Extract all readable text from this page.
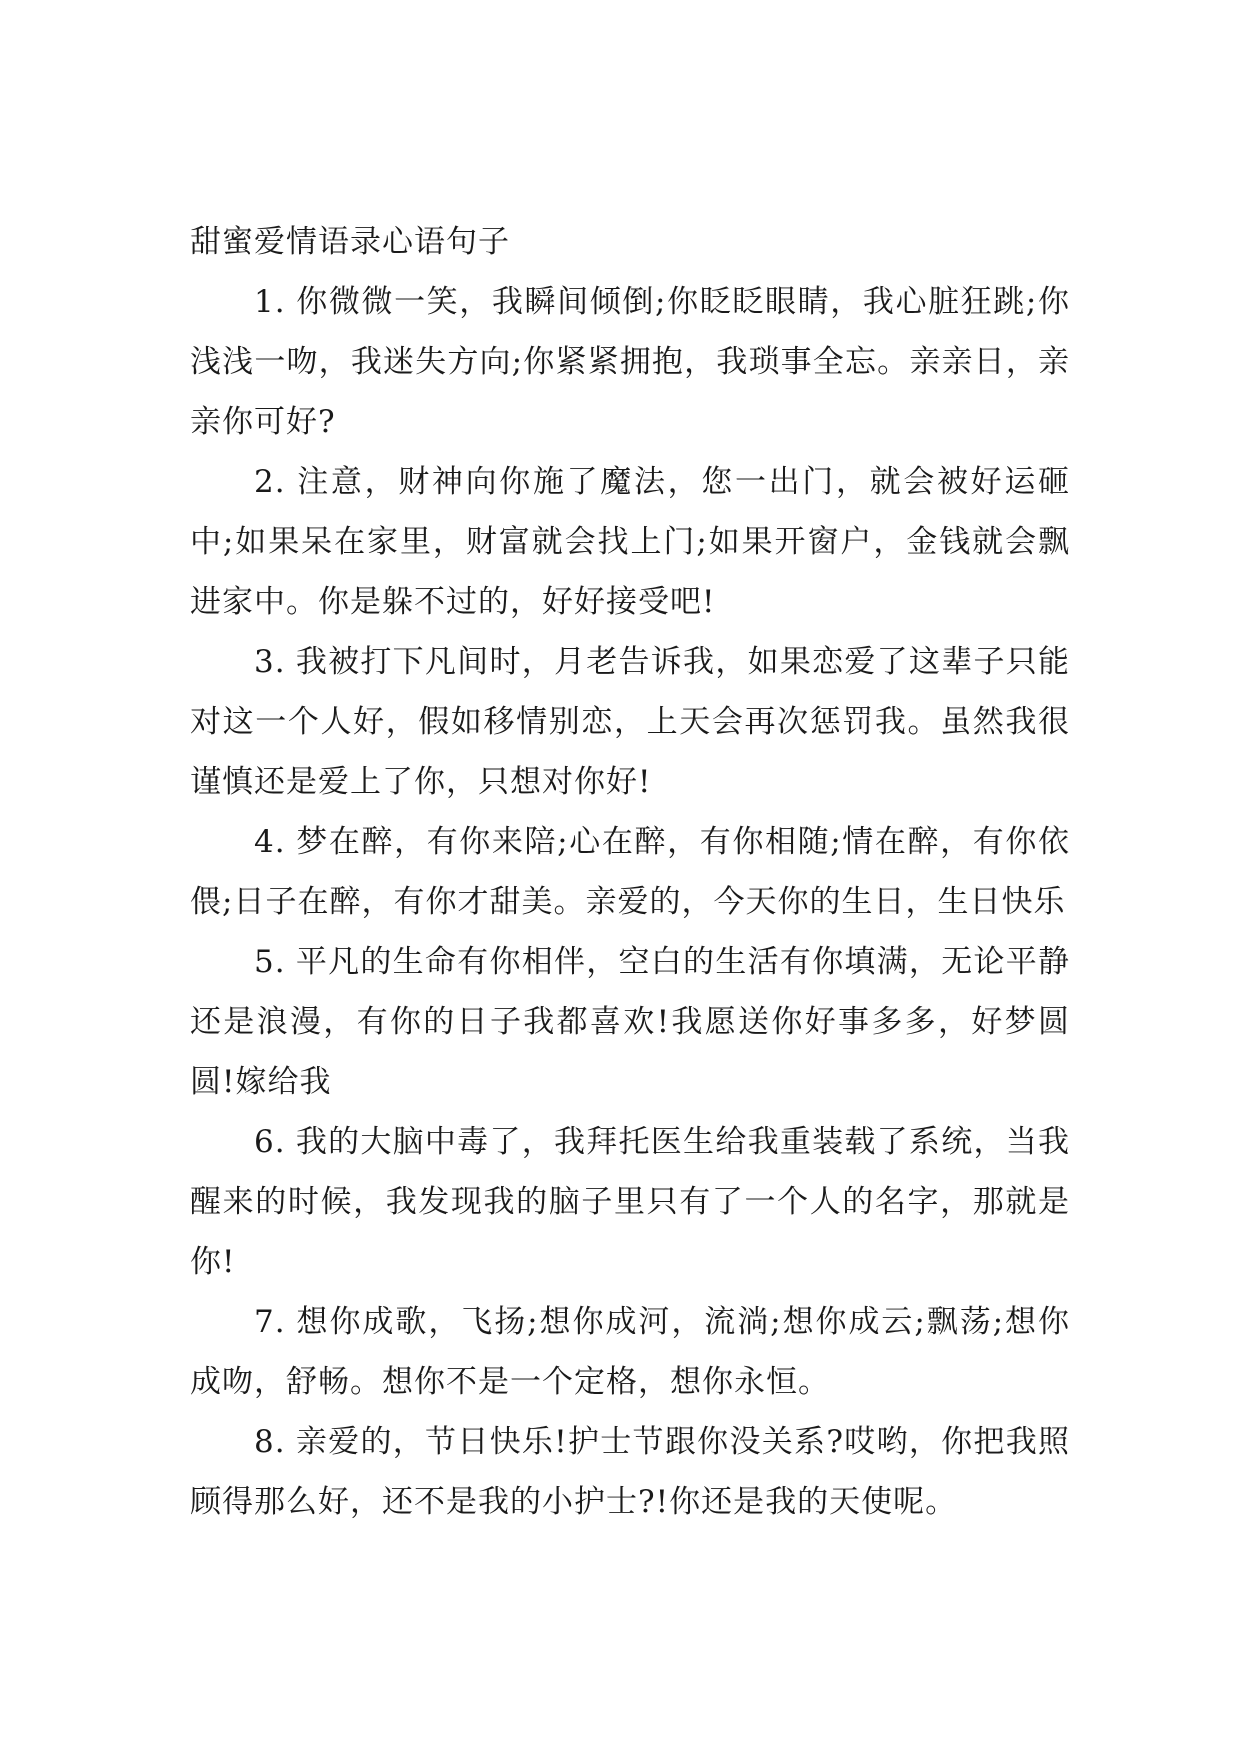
甜蜜爱情语录心语句子

1. 你微微一笑，我瞬间倾倒;你眨眨眼睛，我心脏狂跳;你浅浅一吻，我迷失方向;你紧紧拥抱，我琐事全忘。亲亲日，亲亲你可好?

2. 注意，财神向你施了魔法，您一出门，就会被好运砸中;如果呆在家里，财富就会找上门;如果开窗户，金钱就会飘进家中。你是躲不过的，好好接受吧!

3. 我被打下凡间时，月老告诉我，如果恋爱了这辈子只能对这一个人好，假如移情别恋，上天会再次惩罚我。虽然我很谨慎还是爱上了你，只想对你好!

4. 梦在醉，有你来陪;心在醉，有你相随;情在醉，有你依偎;日子在醉，有你才甜美。亲爱的，今天你的生日，生日快乐

5. 平凡的生命有你相伴，空白的生活有你填满，无论平静还是浪漫，有你的日子我都喜欢!我愿送你好事多多，好梦圆圆!嫁给我

6. 我的大脑中毒了，我拜托医生给我重装载了系统，当我醒来的时候，我发现我的脑子里只有了一个人的名字，那就是你!

7. 想你成歌，飞扬;想你成河，流淌;想你成云;飘荡;想你成吻，舒畅。想你不是一个定格，想你永恒。

8. 亲爱的，节日快乐!护士节跟你没关系?哎哟，你把我照顾得那么好，还不是我的小护士?!你还是我的天使呢。
